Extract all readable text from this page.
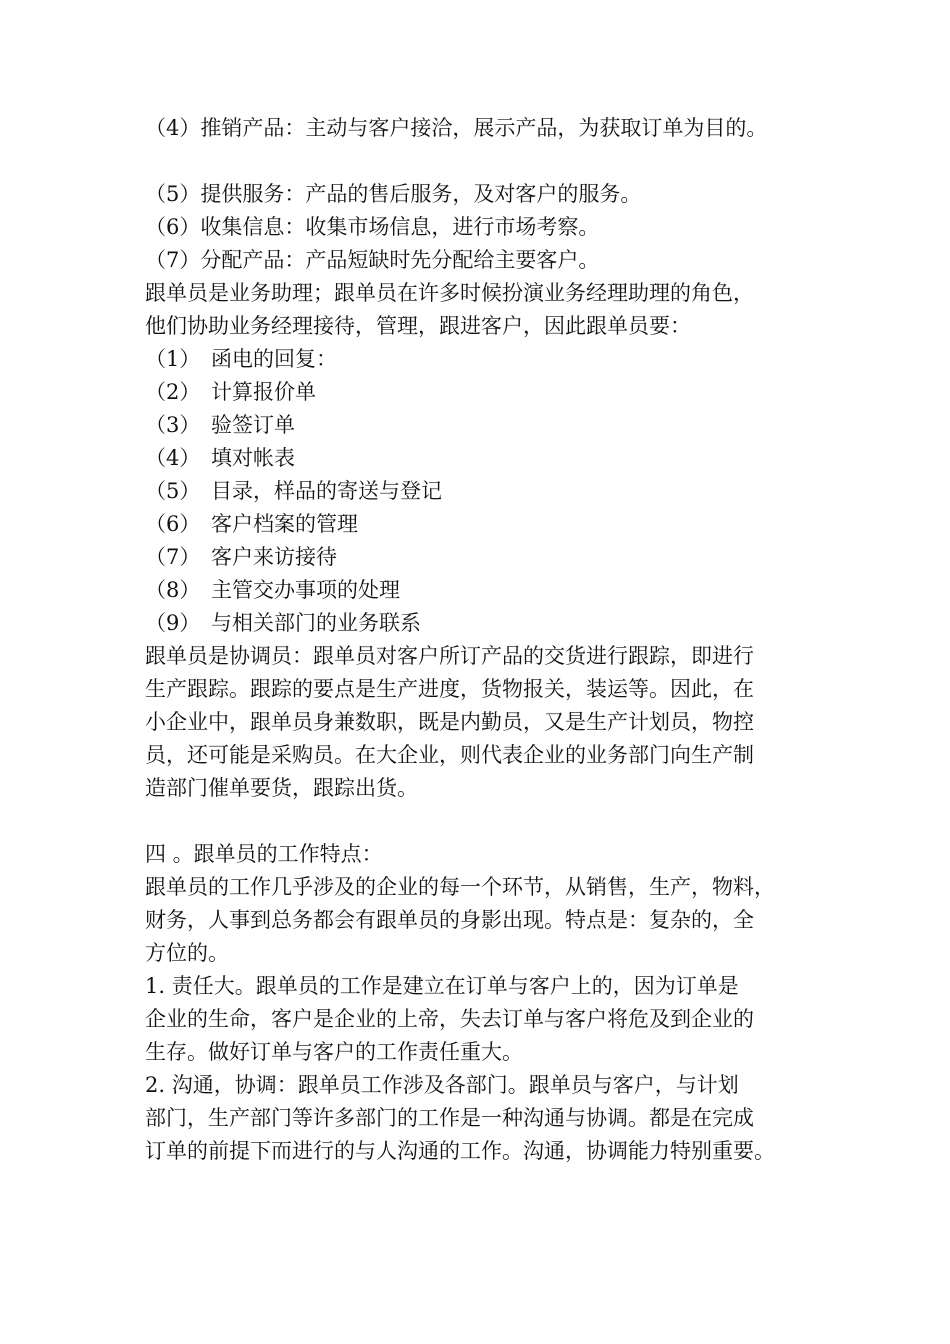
（4）推销产品：主动与客户接洽，展示产品，为获取订单为目的。
（5）提供服务：产品的售后服务，及对客户的服务。
（6）收集信息：收集市场信息，进行市场考察。
（7）分配产品：产品短缺时先分配给主要客户。
跟单员是业务助理；跟单员在许多时候扮演业务经理助理的角色，
他们协助业务经理接待，管理，跟进客户，因此跟单员要：
（1） 函电的回复：
（2） 计算报价单
（3） 验签订单
（4） 填对帐表
（5） 目录，样品的寄送与登记
（6） 客户档案的管理
（7） 客户来访接待
（8） 主管交办事项的处理
（9） 与相关部门的业务联系
跟单员是协调员：跟单员对客户所订产品的交货进行跟踪，即进行
生产跟踪。跟踪的要点是生产进度，货物报关，装运等。因此，在
小企业中，跟单员身兼数职，既是内勤员，又是生产计划员，物控
员，还可能是采购员。在大企业，则代表企业的业务部门向生产制
造部门催单要货，跟踪出货。
四 。跟单员的工作特点：
跟单员的工作几乎涉及的企业的每一个环节，从销售，生产，物料，
财务，人事到总务都会有跟单员的身影出现。特点是：复杂的，全
方位的。
1. 责任大。跟单员的工作是建立在订单与客户上的，因为订单是
企业的生命，客户是企业的上帝，失去订单与客户将危及到企业的
生存。做好订单与客户的工作责任重大。
2. 沟通，协调：跟单员工作涉及各部门。跟单员与客户，与计划
部门，生产部门等许多部门的工作是一种沟通与协调。都是在完成
订单的前提下而进行的与人沟通的工作。沟通，协调能力特别重要。
